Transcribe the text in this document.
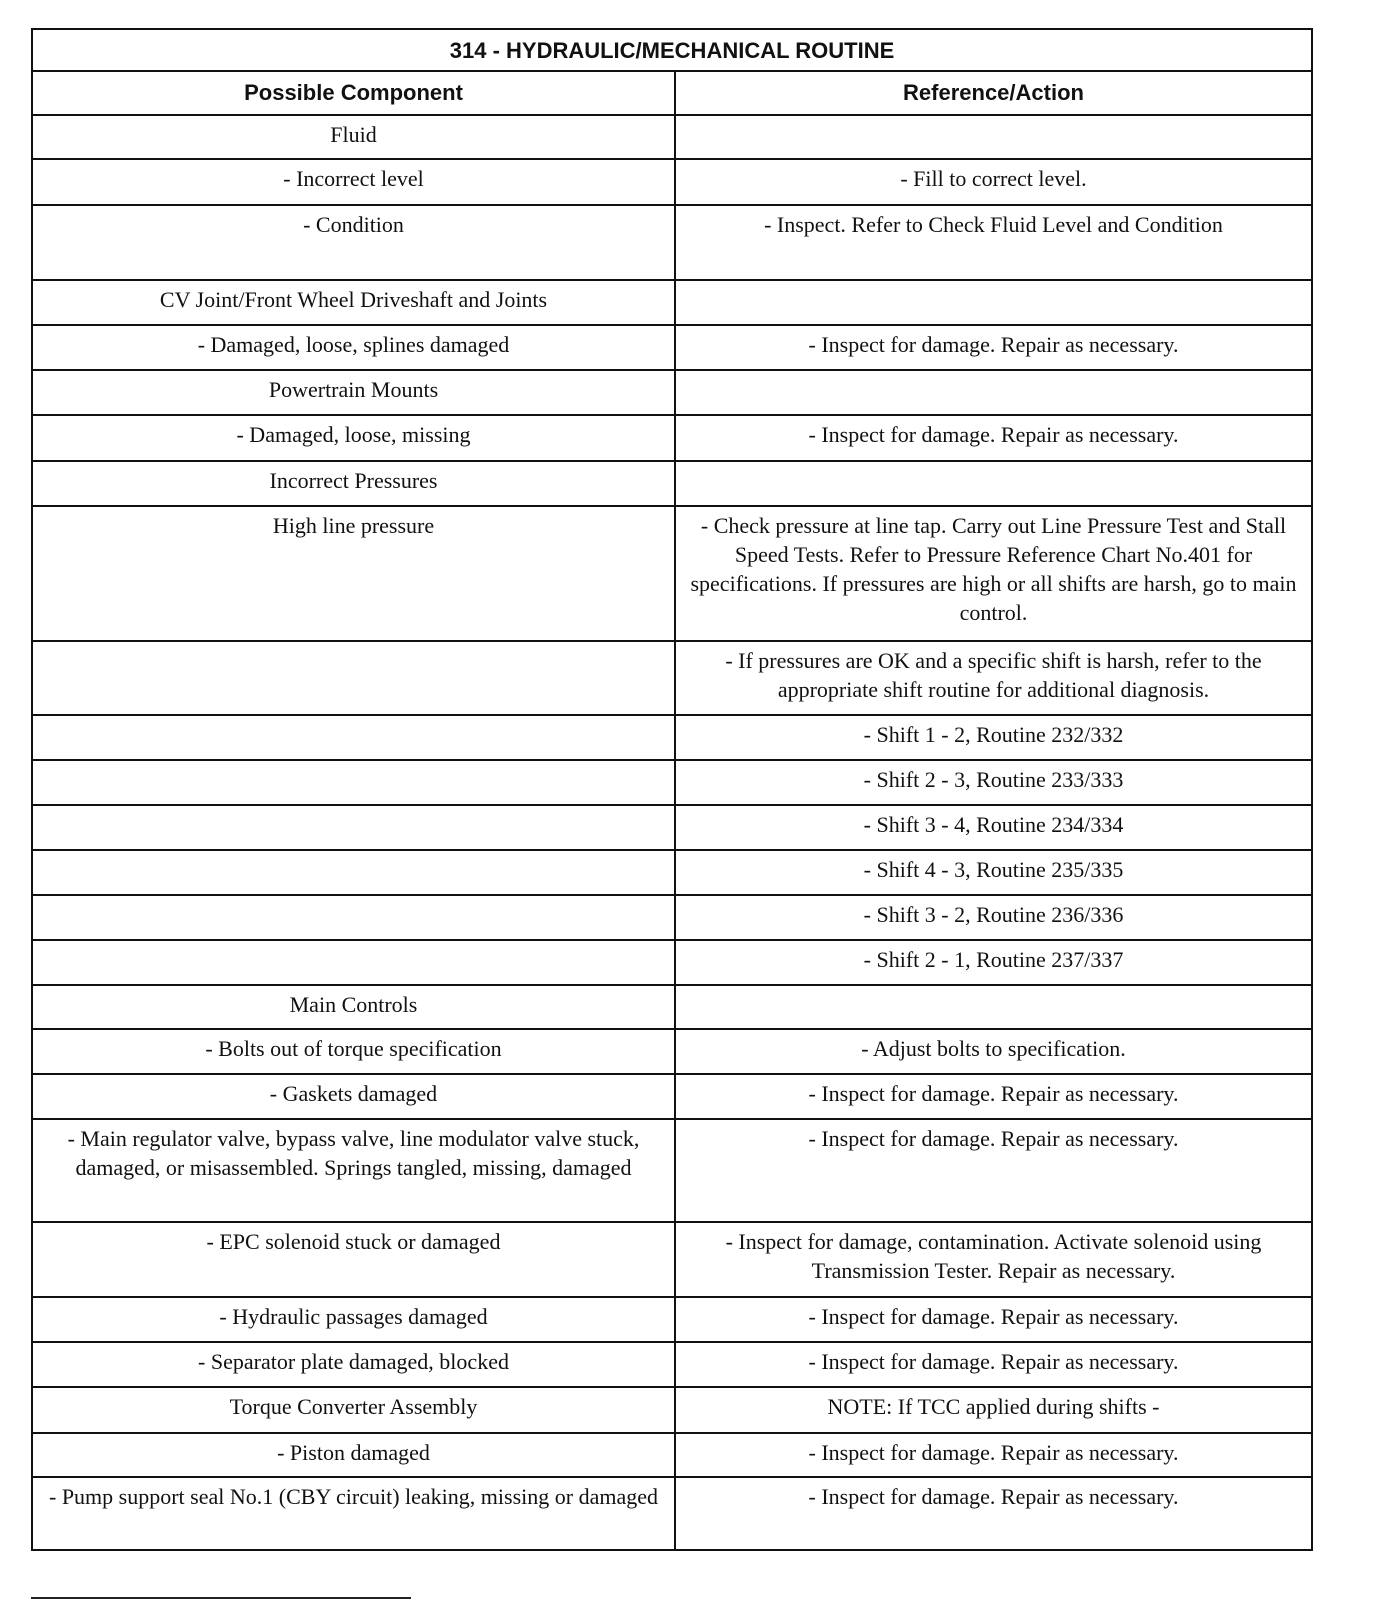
314 - HYDRAULIC/MECHANICAL ROUTINE	
Possible Component	Reference/Action
Fluid	
- Incorrect level	- Fill to correct level.
- Condition	- Inspect. Refer to Check Fluid Level and Condition
CV Joint/Front Wheel Driveshaft and Joints	
- Damaged, loose, splines damaged	- Inspect for damage. Repair as necessary.
Powertrain Mounts	
- Damaged, loose, missing	- Inspect for damage. Repair as necessary.
Incorrect Pressures	
High line pressure	- Check pressure at line tap. Carry out Line Pressure Test and Stall Speed Tests. Refer to Pressure Reference Chart No.401 for specifications. If pressures are high or all shifts are harsh, go to main control.
	- If pressures are OK and a specific shift is harsh, refer to the appropriate shift routine for additional diagnosis.
	- Shift 1 - 2, Routine 232/332
	- Shift 2 - 3, Routine 233/333
	- Shift 3 - 4, Routine 234/334
	- Shift 4 - 3, Routine 235/335
	- Shift 3 - 2, Routine 236/336
	- Shift 2 - 1, Routine 237/337
Main Controls	
- Bolts out of torque specification	- Adjust bolts to specification.
- Gaskets damaged	- Inspect for damage. Repair as necessary.
- Main regulator valve, bypass valve, line modulator valve stuck, damaged, or misassembled. Springs tangled, missing, damaged	- Inspect for damage. Repair as necessary.
- EPC solenoid stuck or damaged	- Inspect for damage, contamination. Activate solenoid using Transmission Tester. Repair as necessary.
- Hydraulic passages damaged	- Inspect for damage. Repair as necessary.
- Separator plate damaged, blocked	- Inspect for damage. Repair as necessary.
Torque Converter Assembly	NOTE: If TCC applied during shifts -
- Piston damaged	- Inspect for damage. Repair as necessary.
- Pump support seal No.1 (CBY circuit) leaking, missing or damaged	- Inspect for damage. Repair as necessary.
